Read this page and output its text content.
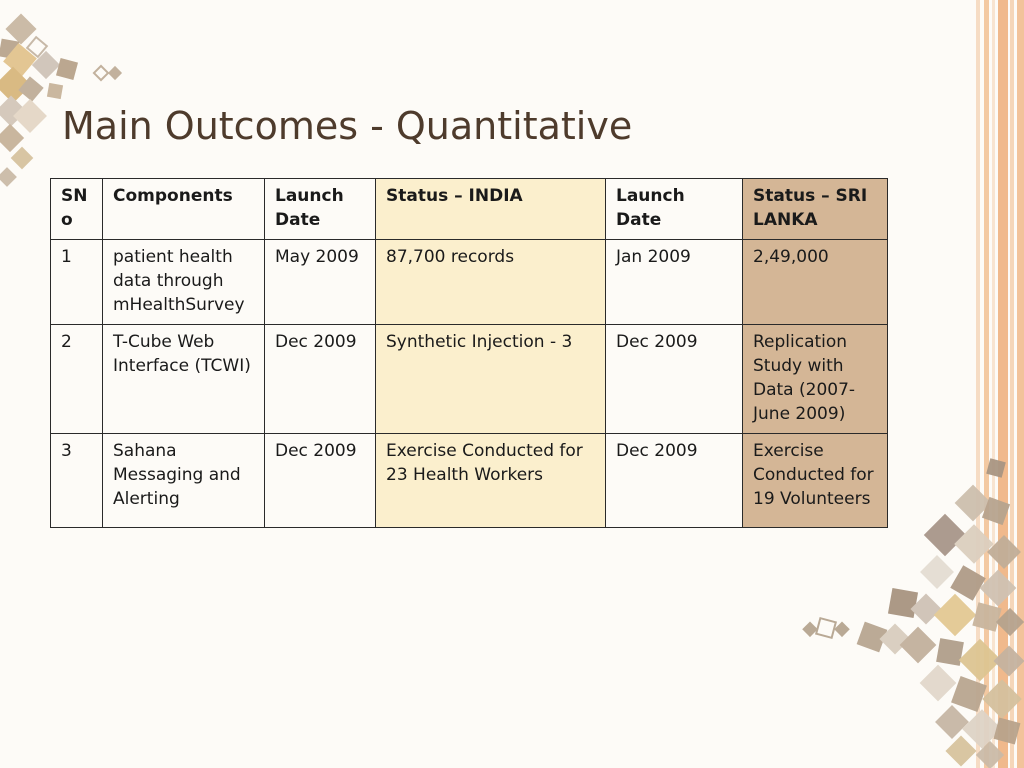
Main Outcomes - Quantitative
SN o	Components	Launch Date	Status – INDIA	Launch Date	Status – SRI LANKA
1	patient health data through mHealthSurvey	May 2009	87,700 records	Jan 2009	2,49,000
2	T-Cube Web Interface (TCWI)	Dec 2009	Synthetic Injection - 3	Dec 2009	Replication Study with Data (2007-June 2009)
3	Sahana Messaging and Alerting	Dec 2009	Exercise Conducted for 23 Health Workers	Dec 2009	Exercise Conducted for 19 Volunteers
